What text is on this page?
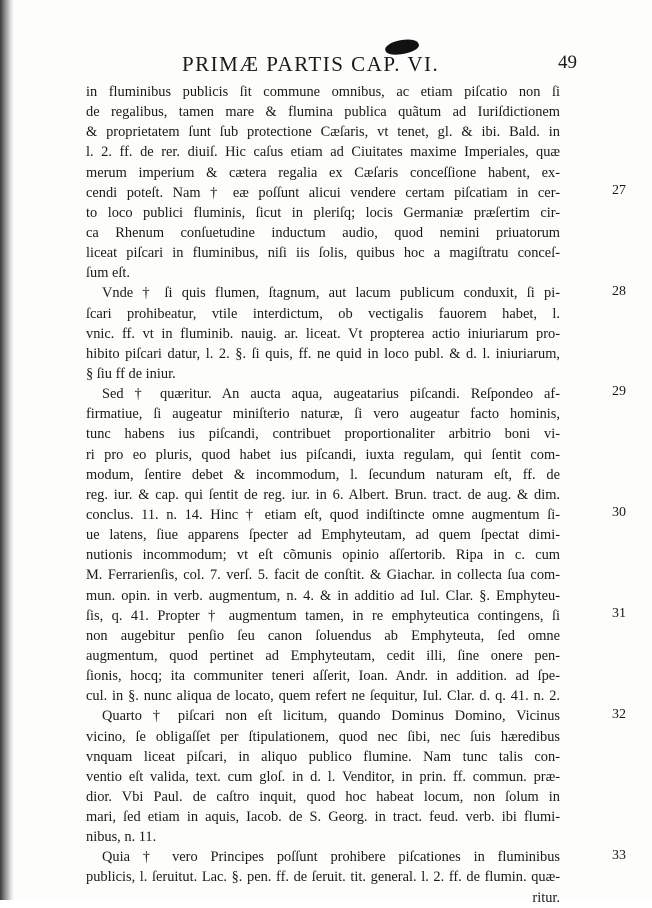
PRIMÆ PARTIS CAP. VI.	49
in fluminibus publicis ſit commune omnibus, ac etiam piſcatio non ſi
de regalibus, tamen mare & flumina publica quãtum ad Iuriſdictionem
& proprietatem ſunt ſub protectione Cæſaris, vt tenet, gl. & ibi. Bald. in
l. 2. ff. de rer. diuiſ. Hic caſus etiam ad Ciuitates maxime Imperiales, quæ
merum imperium & cætera regalia ex Cæſaris conceſſione habent, ex-
cendi poteſt. Nam † eæ poſſunt alicui vendere certam piſcatiam in cer-
to loco publici fluminis, ſicut in pleriſq; locis Germaniæ præſertim cir-
ca Rhenum conſuetudine inductum audio, quod nemini priuatorum
liceat piſcari in fluminibus, niſi iis ſolis, quibus hoc a magiſtratu conceſ-
ſum eſt.
Vnde † ſi quis flumen, ſtagnum, aut lacum publicum conduxit, ſi pi-
ſcari prohibeatur, vtile interdictum, ob vectigalis fauorem habet, l.
vnic. ff. vt in fluminib. nauig. ar. liceat. Vt propterea actio iniuriarum pro-
hibito piſcari datur, l. 2. §. ſi quis, ff. ne quid in loco publ. & d. l. iniuriarum,
§ ſiu ff de iniur.
Sed † quæritur. An aucta aqua, augeatarius piſcandi. Reſpondeo af-
firmatiue, ſi augeatur miniſterio naturæ, ſi vero augeatur facto hominis,
tunc habens ius piſcandi, contribuet proportionaliter arbitrio boni vi-
ri pro eo pluris, quod habet ius piſcandi, iuxta regulam, qui ſentit com-
modum, ſentire debet & incommodum, l. ſecundum naturam eſt, ff. de
reg. iur. & cap. qui ſentit de reg. iur. in 6. Albert. Brun. tract. de aug. & dim.
conclus. 11. n. 14. Hinc † etiam eſt, quod indiſtincte omne augmentum ſi-
ue latens, ſiue apparens ſpecter ad Emphyteutam, ad quem ſpectat dimi-
nutionis incommodum; vt eſt cõmunis opinio aſſertorib. Ripa in c. cum
M. Ferrarienſis, col. 7. verſ. 5. facit de conſtit. & Giachar. in collecta ſua com-
mun. opin. in verb. augmentum, n. 4. & in additio ad Iul. Clar. §. Emphyteu-
ſis, q. 41. Propter † augmentum tamen, in re emphyteutica contingens, ſi
non augebitur penſio ſeu canon ſoluendus ab Emphyteuta, ſed omne
augmentum, quod pertinet ad Emphyteutam, cedit illi, ſine onere pen-
ſionis, hocq; ita communiter teneri aſſerit, Ioan. Andr. in addition. ad ſpe-
cul. in §. nunc aliqua de locato, quem refert ne ſequitur, Iul. Clar. d. q. 41. n. 2.
Quarto † piſcari non eſt licitum, quando Dominus Domino, Vicinus
vicino, ſe obligaſſet per ſtipulationem, quod nec ſibi, nec ſuis hæredibus
vnquam liceat piſcari, in aliquo publico flumine. Nam tunc talis con-
ventio eſt valida, text. cum gloſ. in d. l. Venditor, in prin. ff. commun. præ-
dior. Vbi Paul. de caſtro inquit, quod hoc habeat locum, non ſolum in
mari, ſed etiam in aquis, Iacob. de S. Georg. in tract. feud. verb. ibi flumi-
nibus, n. 11.
Quia † vero Principes poſſunt prohibere piſcationes in fluminibus
publicis, l. ſeruitut. Lac. §. pen. ff. de ſeruit. tit. general. l. 2. ff. de flumin. quæ-
ritur.
27
28
29
30
31
32
33
